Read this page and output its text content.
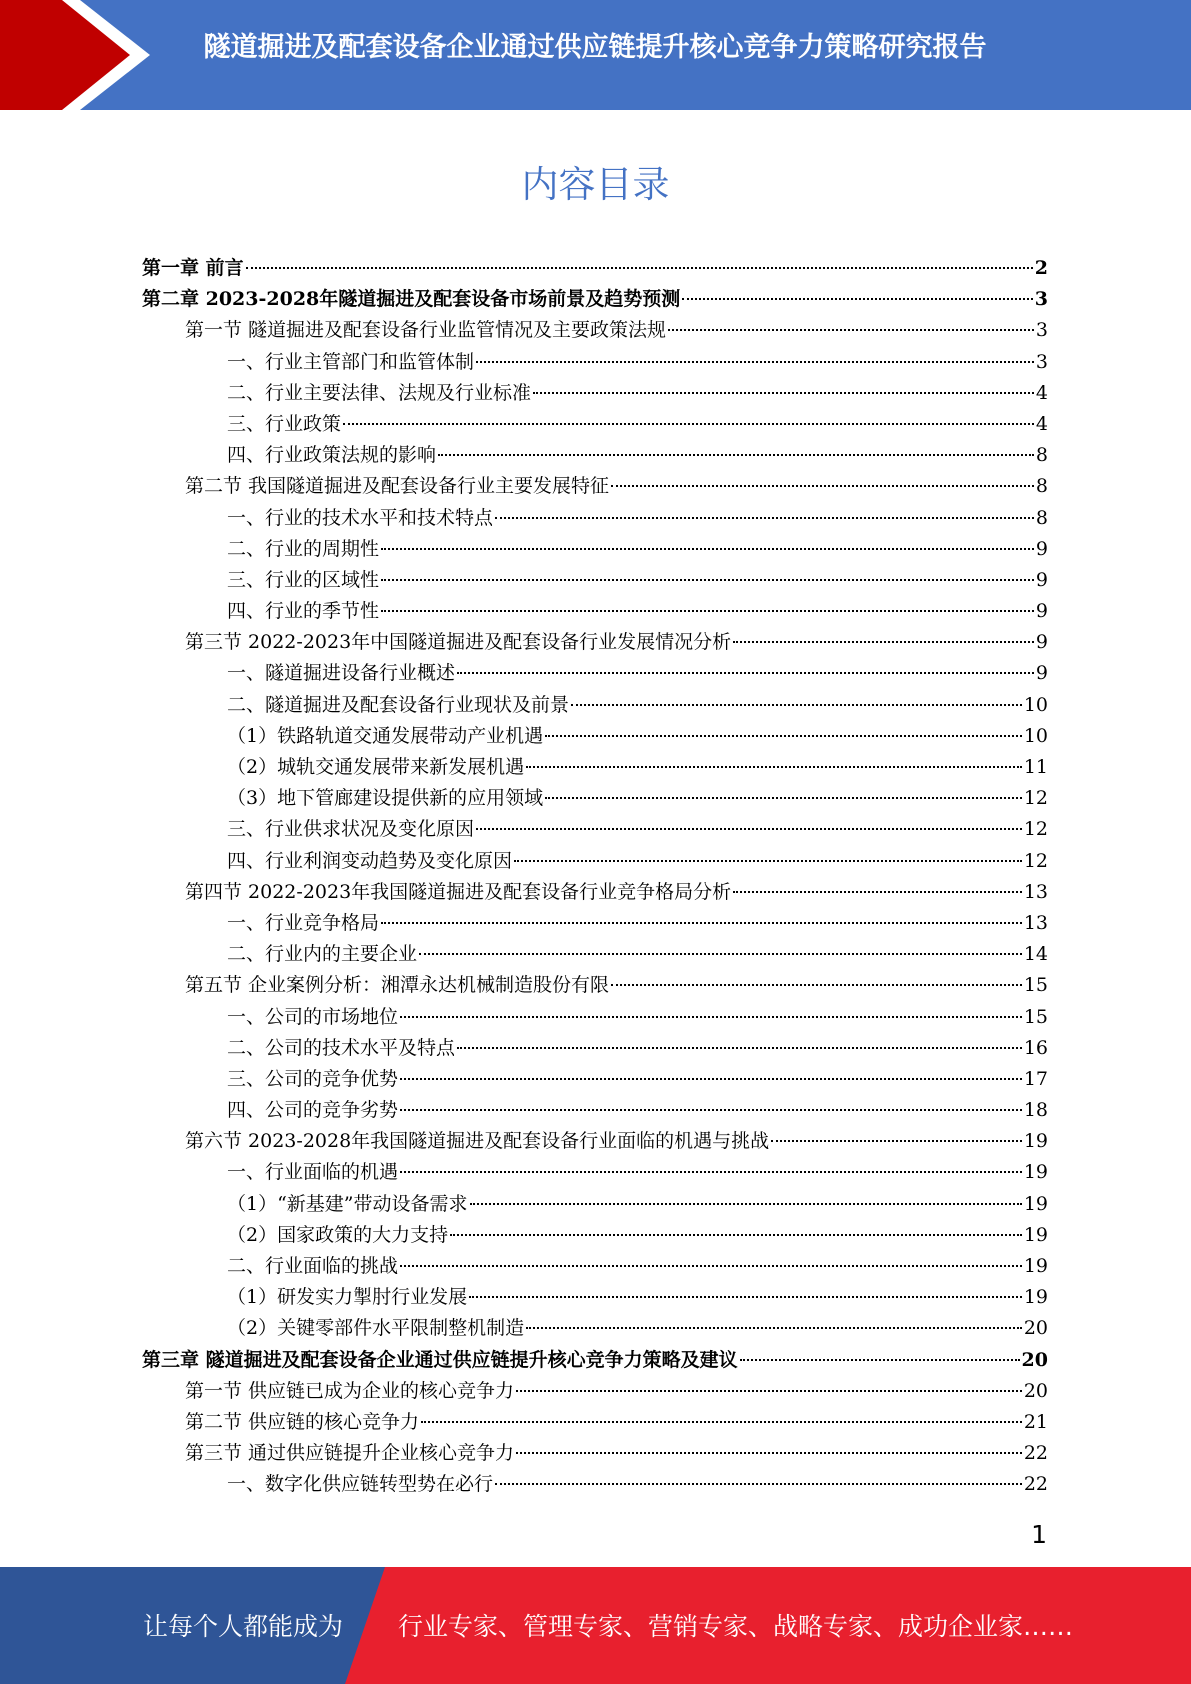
隧道掘进及配套设备企业通过供应链提升核心竞争力策略研究报告
内容目录
第一章 前言	2
第二章 2023-2028年隧道掘进及配套设备市场前景及趋势预测	3
第一节 隧道掘进及配套设备行业监管情况及主要政策法规	3
一、行业主管部门和监管体制	3
二、行业主要法律、法规及行业标准	4
三、行业政策	4
四、行业政策法规的影响	8
第二节 我国隧道掘进及配套设备行业主要发展特征	8
一、行业的技术水平和技术特点	8
二、行业的周期性	9
三、行业的区域性	9
四、行业的季节性	9
第三节 2022-2023年中国隧道掘进及配套设备行业发展情况分析	9
一、隧道掘进设备行业概述	9
二、隧道掘进及配套设备行业现状及前景	10
（1）铁路轨道交通发展带动产业机遇	10
（2）城轨交通发展带来新发展机遇	11
（3）地下管廊建设提供新的应用领域	12
三、行业供求状况及变化原因	12
四、行业利润变动趋势及变化原因	12
第四节 2022-2023年我国隧道掘进及配套设备行业竞争格局分析	13
一、行业竞争格局	13
二、行业内的主要企业	14
第五节 企业案例分析：湘潭永达机械制造股份有限	15
一、公司的市场地位	15
二、公司的技术水平及特点	16
三、公司的竞争优势	17
四、公司的竞争劣势	18
第六节 2023-2028年我国隧道掘进及配套设备行业面临的机遇与挑战	19
一、行业面临的机遇	19
（1）“新基建”带动设备需求	19
（2）国家政策的大力支持	19
二、行业面临的挑战	19
（1）研发实力掣肘行业发展	19
（2）关键零部件水平限制整机制造	20
第三章 隧道掘进及配套设备企业通过供应链提升核心竞争力策略及建议	20
第一节 供应链已成为企业的核心竞争力	20
第二节 供应链的核心竞争力	21
第三节 通过供应链提升企业核心竞争力	22
一、数字化供应链转型势在必行	22
1
让每个人都能成为 行业专家、管理专家、营销专家、战略专家、成功企业家……
